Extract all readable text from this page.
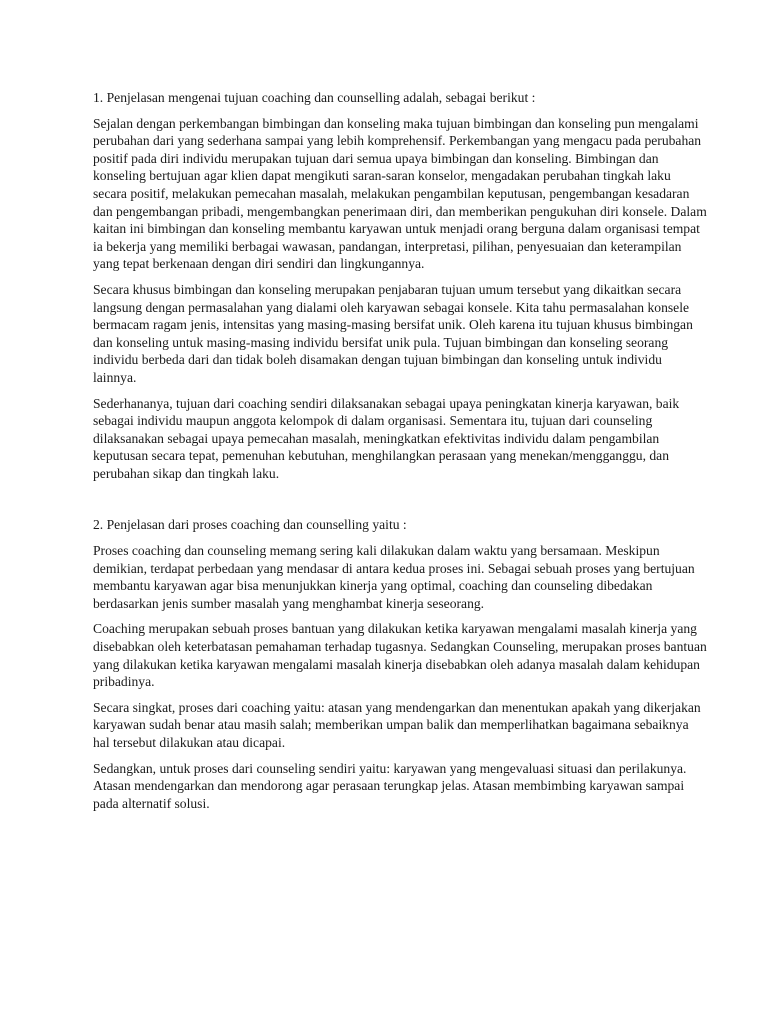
1. Penjelasan mengenai tujuan coaching dan counselling adalah, sebagai berikut :

Sejalan dengan perkembangan bimbingan dan konseling maka tujuan bimbingan dan konseling pun mengalami perubahan dari yang sederhana sampai yang lebih komprehensif. Perkembangan yang mengacu pada perubahan positif pada diri individu merupakan tujuan dari semua upaya bimbingan dan konseling. Bimbingan dan konseling bertujuan agar klien dapat mengikuti saran-saran konselor, mengadakan perubahan tingkah laku secara positif, melakukan pemecahan masalah, melakukan pengambilan keputusan, pengembangan kesadaran dan pengembangan pribadi, mengembangkan penerimaan diri, dan memberikan pengukuhan diri konsele. Dalam kaitan ini bimbingan dan konseling membantu karyawan untuk menjadi orang berguna dalam organisasi tempat ia bekerja yang memiliki berbagai wawasan, pandangan, interpretasi, pilihan, penyesuaian dan keterampilan yang tepat berkenaan dengan diri sendiri dan lingkungannya.

Secara khusus bimbingan dan konseling merupakan penjabaran tujuan umum tersebut yang dikaitkan secara langsung dengan permasalahan yang dialami oleh karyawan sebagai konsele. Kita tahu permasalahan konsele bermacam ragam jenis, intensitas yang masing-masing bersifat unik. Oleh karena itu tujuan khusus bimbingan dan konseling untuk masing-masing individu bersifat unik pula. Tujuan bimbingan dan konseling seorang individu berbeda dari dan tidak boleh disamakan dengan tujuan bimbingan dan konseling untuk individu lainnya.

Sederhananya, tujuan dari coaching sendiri dilaksanakan sebagai upaya peningkatan kinerja karyawan, baik sebagai individu maupun anggota kelompok di dalam organisasi. Sementara itu, tujuan dari counseling dilaksanakan sebagai upaya pemecahan masalah, meningkatkan efektivitas individu dalam pengambilan keputusan secara tepat, pemenuhan kebutuhan, menghilangkan perasaan yang menekan/mengganggu, dan perubahan sikap dan tingkah laku.

2. Penjelasan dari proses coaching dan counselling yaitu :

Proses coaching dan counseling memang sering kali dilakukan dalam waktu yang bersamaan. Meskipun demikian, terdapat perbedaan yang mendasar di antara kedua proses ini. Sebagai sebuah proses yang bertujuan membantu karyawan agar bisa menunjukkan kinerja yang optimal, coaching dan counseling dibedakan berdasarkan jenis sumber masalah yang menghambat kinerja seseorang.

Coaching merupakan sebuah proses bantuan yang dilakukan ketika karyawan mengalami masalah kinerja yang disebabkan oleh keterbatasan pemahaman terhadap tugasnya. Sedangkan Counseling, merupakan proses bantuan yang dilakukan ketika karyawan mengalami masalah kinerja disebabkan oleh adanya masalah dalam kehidupan pribadinya.

Secara singkat, proses dari coaching yaitu: atasan yang mendengarkan dan menentukan apakah yang dikerjakan karyawan sudah benar atau masih salah; memberikan umpan balik dan memperlihatkan bagaimana sebaiknya hal tersebut dilakukan atau dicapai.

Sedangkan, untuk proses dari counseling sendiri yaitu: karyawan yang mengevaluasi situasi dan perilakunya. Atasan mendengarkan dan mendorong agar perasaan terungkap jelas. Atasan membimbing karyawan sampai pada alternatif solusi.
